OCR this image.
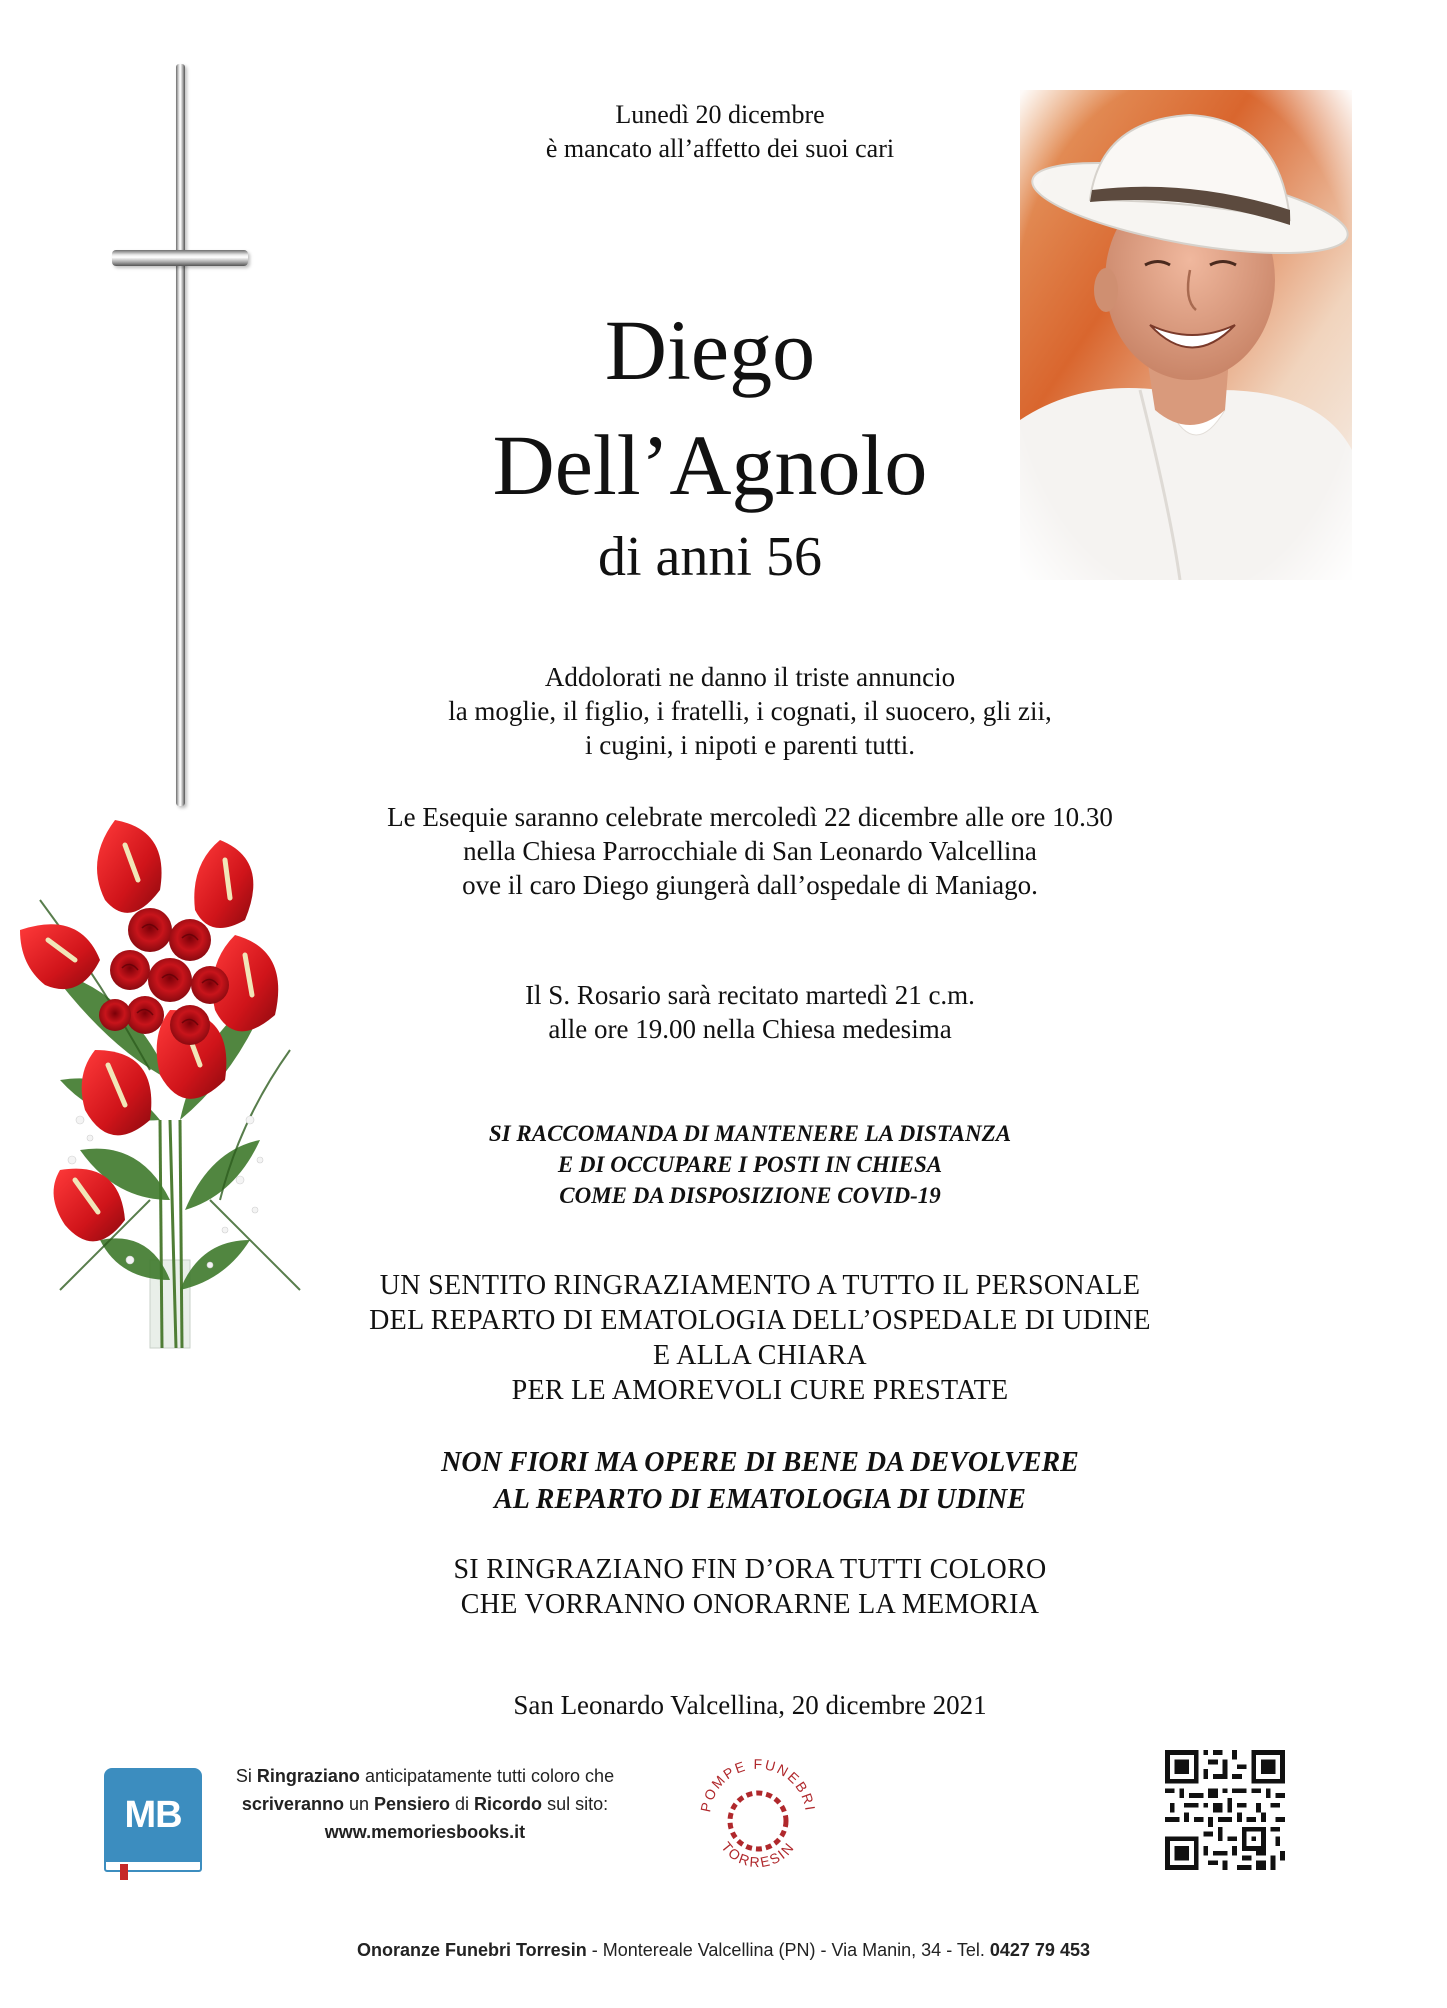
Lunedì 20 dicembre
è mancato all’affetto dei suoi cari
Diego
Dell’Agnolo
di anni 56
Addolorati ne danno il triste annuncio
la moglie, il figlio, i fratelli, i cognati, il suocero, gli zii,
i cugini, i nipoti e parenti tutti.
Le Esequie saranno celebrate mercoledì 22 dicembre alle ore 10.30
nella Chiesa Parrocchiale di San Leonardo Valcellina
ove il caro Diego giungerà dall’ospedale di Maniago.
Il S. Rosario sarà recitato martedì 21 c.m.
alle ore 19.00 nella Chiesa medesima
SI RACCOMANDA DI MANTENERE LA DISTANZA
E DI OCCUPARE I POSTI IN CHIESA
COME DA DISPOSIZIONE COVID-19
UN SENTITO RINGRAZIAMENTO A TUTTO IL PERSONALE
DEL REPARTO DI EMATOLOGIA DELL’OSPEDALE DI UDINE
E ALLA CHIARA
PER LE AMOREVOLI CURE PRESTATE
NON FIORI MA OPERE DI BENE DA DEVOLVERE
AL REPARTO DI EMATOLOGIA DI UDINE
SI RINGRAZIANO FIN D’ORA TUTTI COLORO
CHE VORRANNO ONORARNE LA MEMORIA
San Leonardo Valcellina, 20 dicembre 2021
MB
Si Ringraziano anticipatamente tutti coloro che
scriveranno un Pensiero di Ricordo sul sito:
www.memoriesbooks.it
POMPE FUNEBRI
TORRESIN
Onoranze Funebri Torresin - Montereale Valcellina (PN) - Via Manin, 34 - Tel. 0427 79 453
